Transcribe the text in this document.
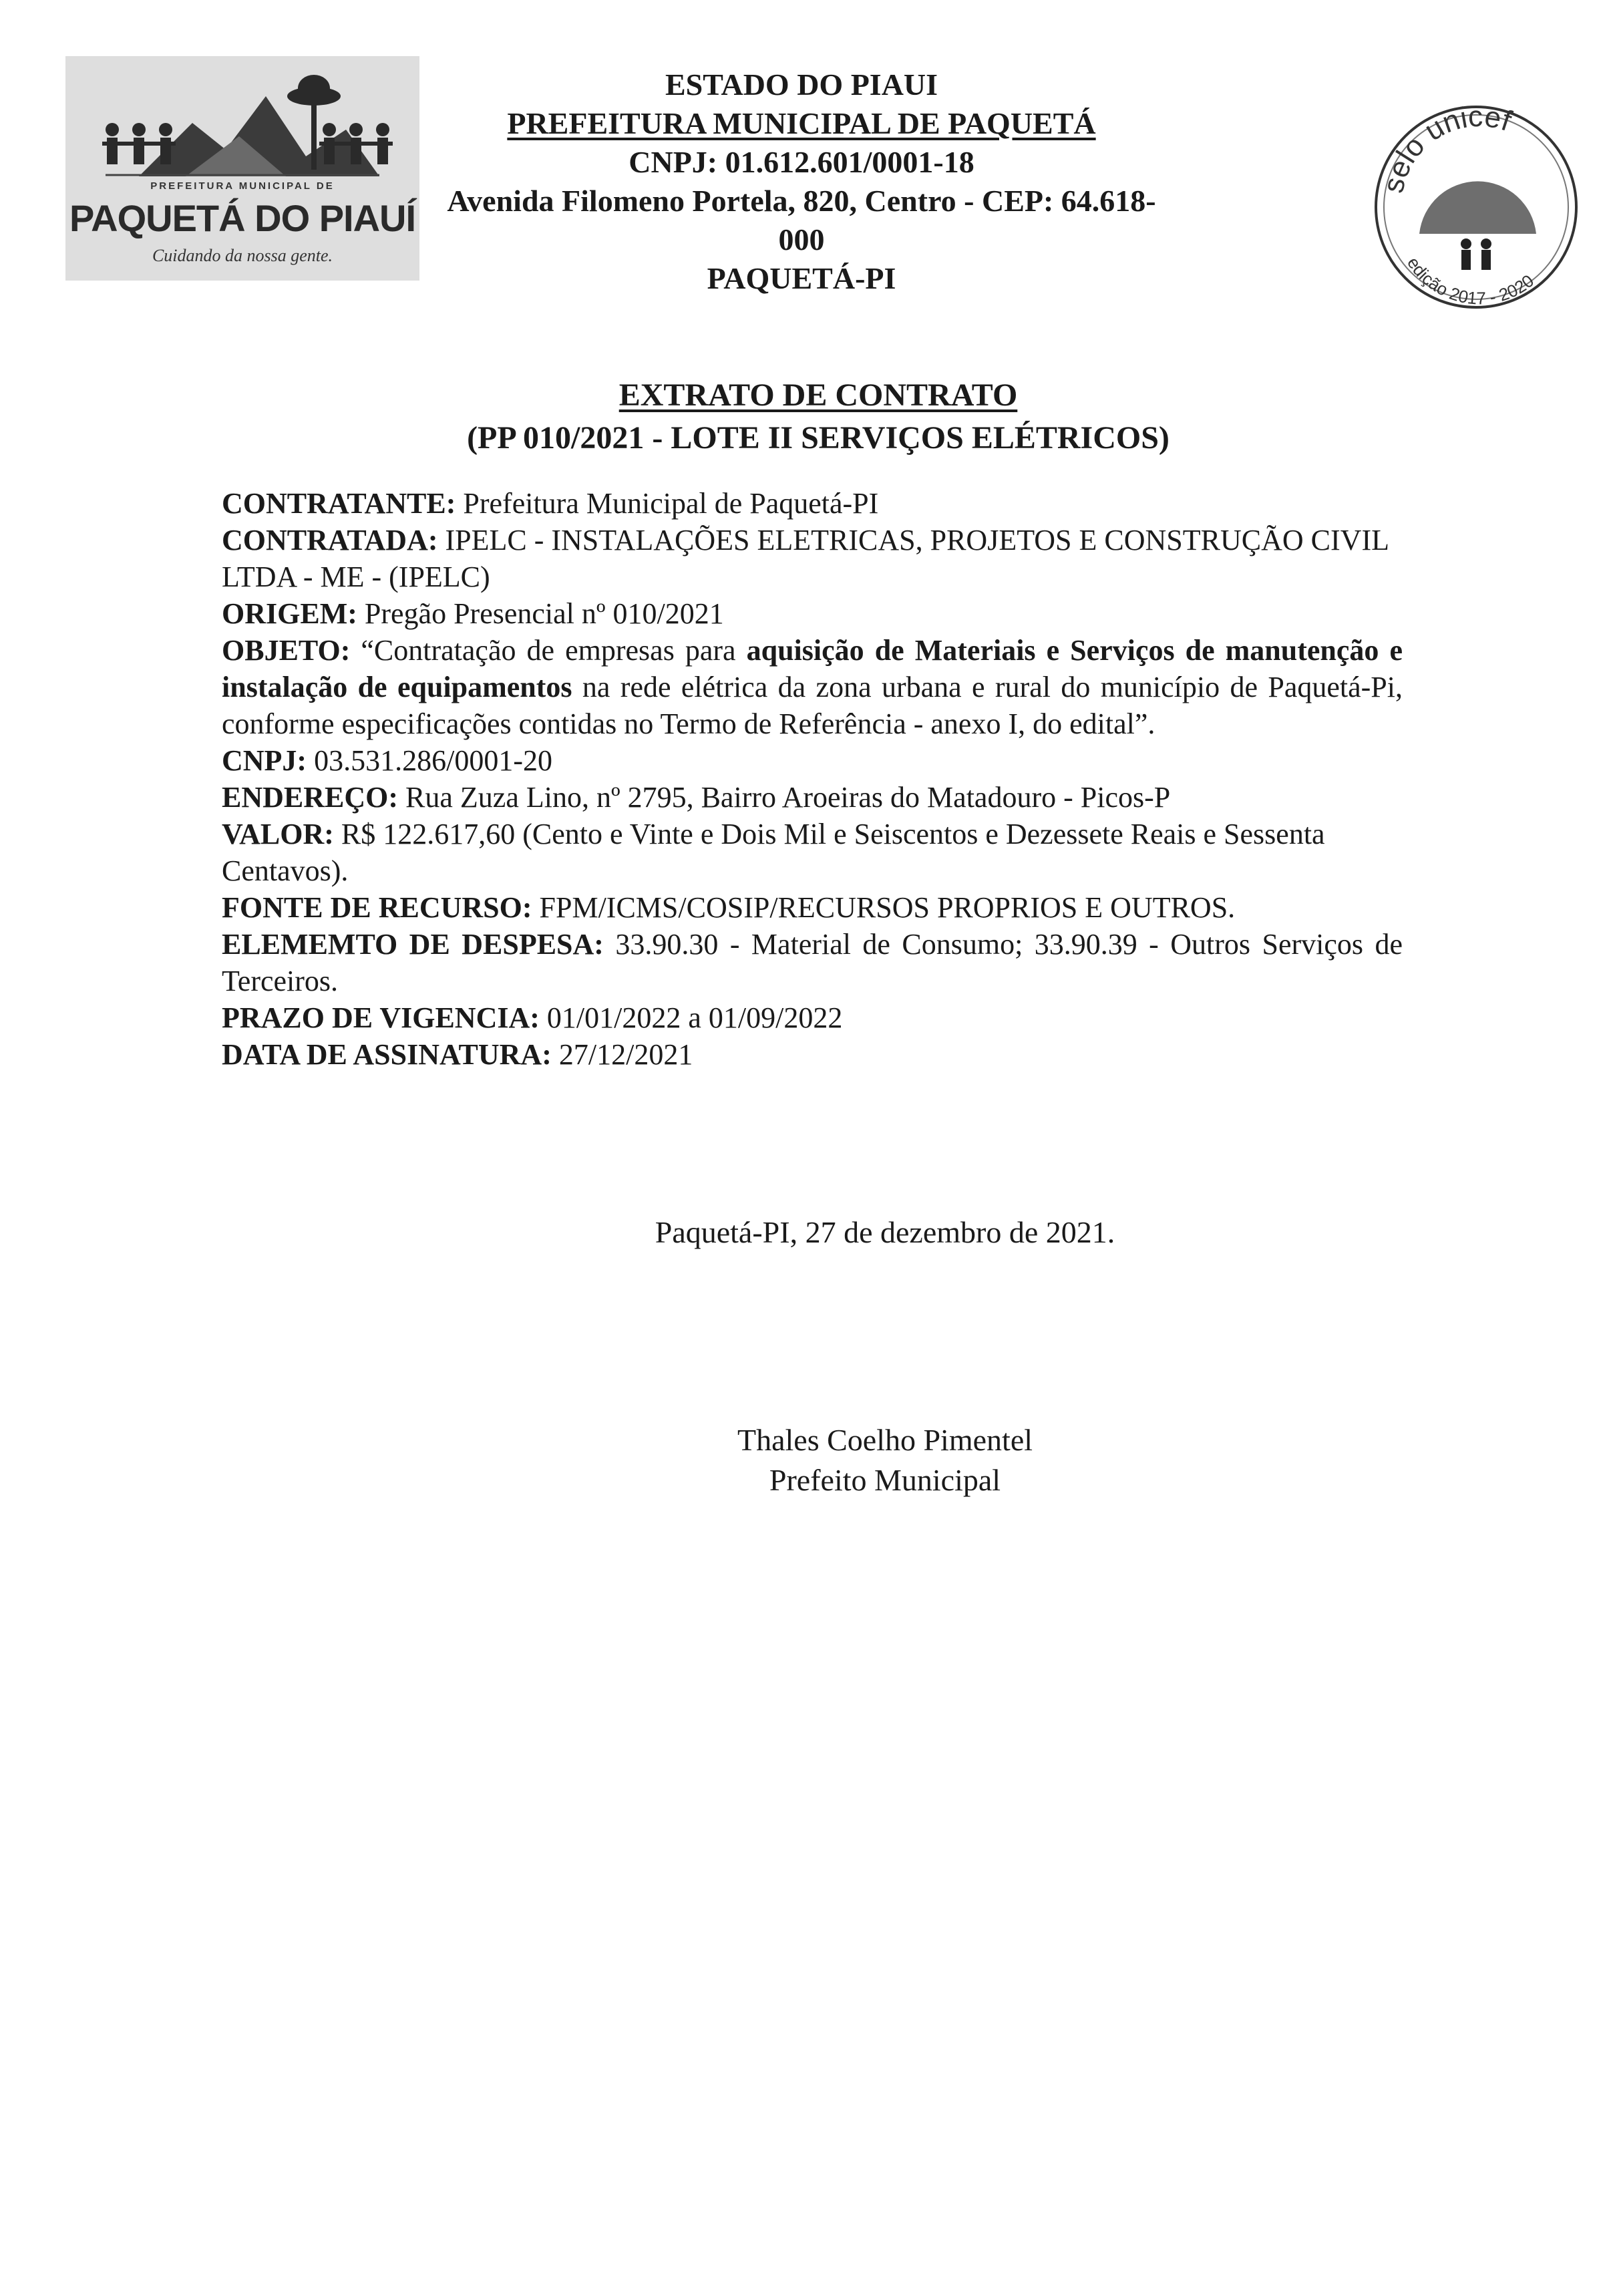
PREFEITURA MUNICIPAL DE
PAQUETÁ DO PIAUÍ
Cuidando da nossa gente.
ESTADO DO PIAUI
PREFEITURA MUNICIPAL DE PAQUETÁ
CNPJ: 01.612.601/0001-18
Avenida Filomeno Portela, 820, Centro - CEP: 64.618-000
PAQUETÁ-PI
selo unicef
edição 2017 - 2020
EXTRATO DE CONTRATO
(PP 010/2021 - LOTE II SERVIÇOS ELÉTRICOS)

CONTRATANTE: Prefeitura Municipal de Paquetá-PI

CONTRATADA: IPELC - INSTALAÇÕES ELETRICAS, PROJETOS E CONSTRUÇÃO CIVIL LTDA - ME - (IPELC)

ORIGEM: Pregão Presencial nº 010/2021

OBJETO: “Contratação de empresas para aquisição de Materiais e Serviços de manutenção e instalação de equipamentos na rede elétrica da zona urbana e rural do município de Paquetá-Pi, conforme especificações contidas no Termo de Referência - anexo I, do edital”.

CNPJ: 03.531.286/0001-20

ENDEREÇO: Rua Zuza Lino, nº 2795, Bairro Aroeiras do Matadouro - Picos-P

VALOR: R$ 122.617,60 (Cento e Vinte e Dois Mil e Seiscentos e Dezessete Reais e Sessenta Centavos).

FONTE DE RECURSO: FPM/ICMS/COSIP/RECURSOS PROPRIOS E OUTROS.

ELEMEMTO DE DESPESA: 33.90.30 - Material de Consumo; 33.90.39 - Outros Serviços de Terceiros.

PRAZO DE VIGENCIA: 01/01/2022 a 01/09/2022

DATA DE ASSINATURA: 27/12/2021

Paquetá-PI, 27 de dezembro de 2021.
Thales Coelho Pimentel
Prefeito Municipal
